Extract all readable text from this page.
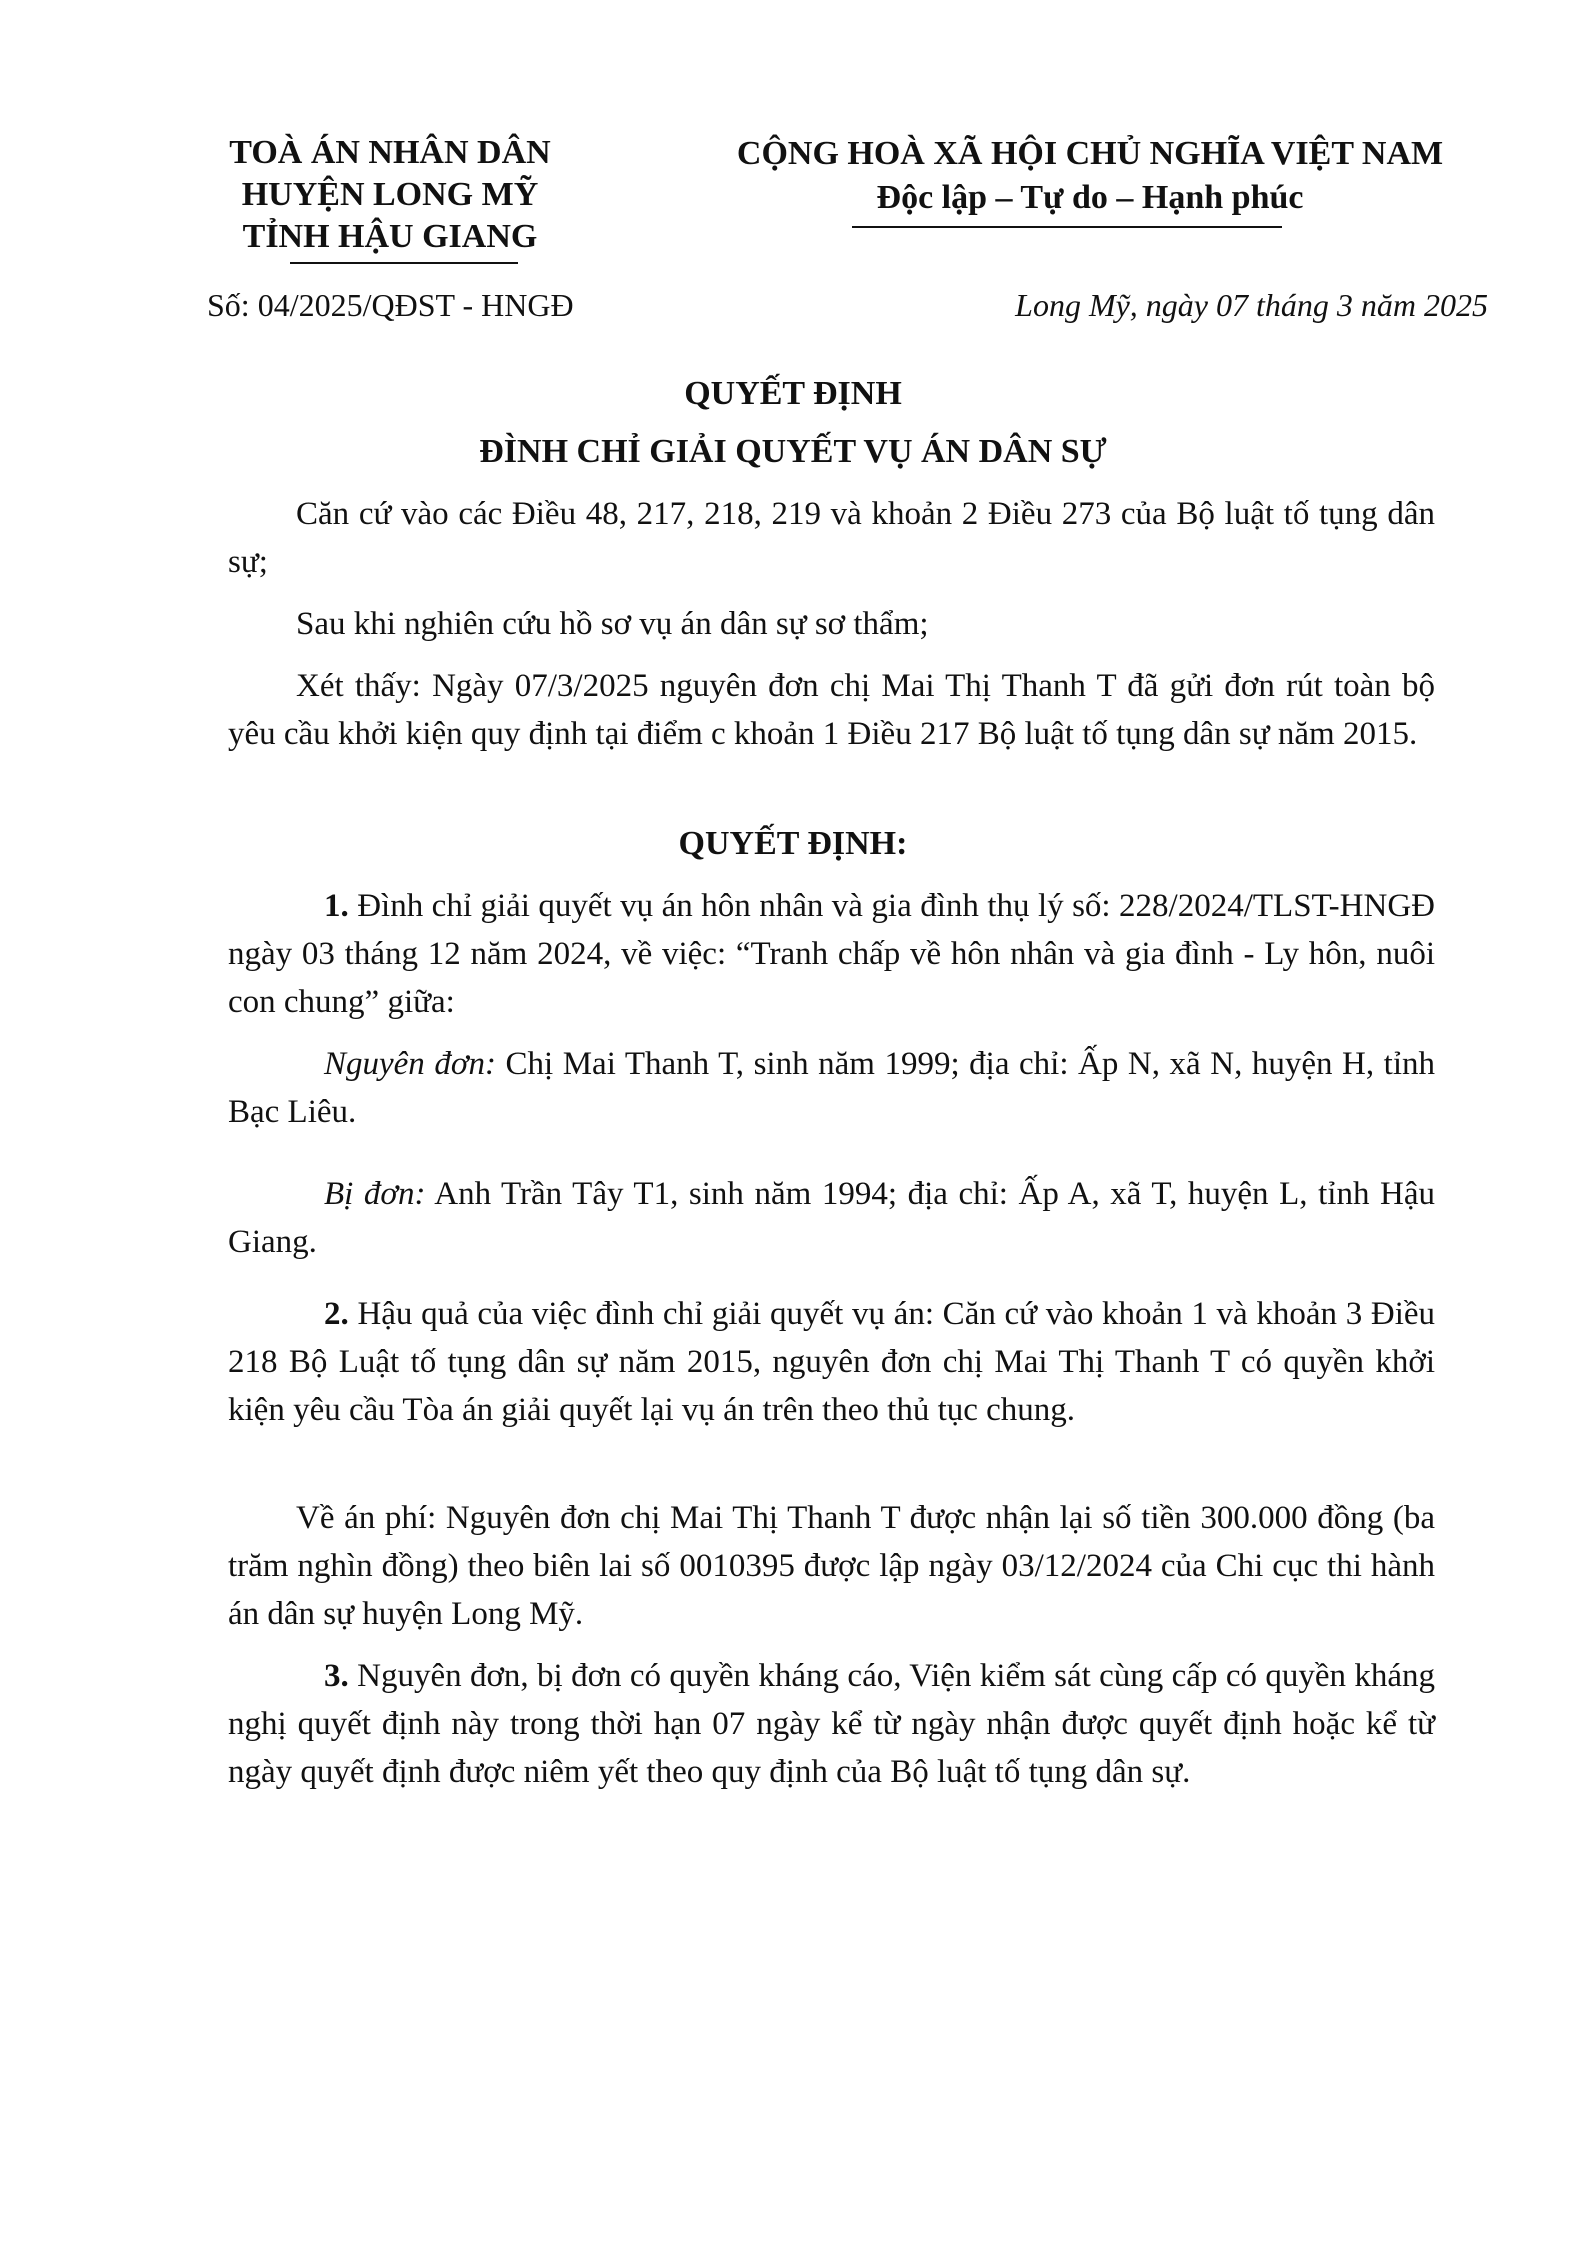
TOÀ ÁN NHÂN DÂN
HUYỆN LONG MỸ
TỈNH HẬU GIANG
CỘNG HOÀ XÃ HỘI CHỦ NGHĨA VIỆT NAM
Độc lập – Tự do – Hạnh phúc
Số: 04/2025/QĐST - HNGĐ	Long Mỹ, ngày 07 tháng 3 năm 2025
QUYẾT ĐỊNH
ĐÌNH CHỈ GIẢI QUYẾT VỤ ÁN DÂN SỰ
Căn cứ vào các Điều 48, 217, 218, 219 và khoản 2 Điều 273 của Bộ luật tố tụng dân sự;
Sau khi nghiên cứu hồ sơ vụ án dân sự sơ thẩm;
Xét thấy: Ngày 07/3/2025 nguyên đơn chị Mai Thị Thanh T đã gửi đơn rút toàn bộ yêu cầu khởi kiện quy định tại điểm c khoản 1 Điều 217 Bộ luật tố tụng dân sự năm 2015.
QUYẾT ĐỊNH:
1. Đình chỉ giải quyết vụ án hôn nhân và gia đình thụ lý số: 228/2024/TLST-HNGĐ ngày 03 tháng 12 năm 2024, về việc: “Tranh chấp về hôn nhân và gia đình - Ly hôn, nuôi con chung” giữa:
Nguyên đơn: Chị Mai Thanh T, sinh năm 1999; địa chỉ: Ấp N, xã N, huyện H, tỉnh Bạc Liêu.
Bị đơn: Anh Trần Tây T1, sinh năm 1994; địa chỉ: Ấp A, xã T, huyện L, tỉnh Hậu Giang.
2. Hậu quả của việc đình chỉ giải quyết vụ án: Căn cứ vào khoản 1 và khoản 3 Điều 218 Bộ Luật tố tụng dân sự năm 2015, nguyên đơn chị Mai Thị Thanh T có quyền khởi kiện yêu cầu Tòa án giải quyết lại vụ án trên theo thủ tục chung.
Về án phí: Nguyên đơn chị Mai Thị Thanh T được nhận lại số tiền 300.000 đồng (ba trăm nghìn đồng) theo biên lai số 0010395 được lập ngày 03/12/2024 của Chi cục thi hành án dân sự huyện Long Mỹ.
3. Nguyên đơn, bị đơn có quyền kháng cáo, Viện kiểm sát cùng cấp có quyền kháng nghị quyết định này trong thời hạn 07 ngày kể từ ngày nhận được quyết định hoặc kể từ ngày quyết định được niêm yết theo quy định của Bộ luật tố tụng dân sự.
